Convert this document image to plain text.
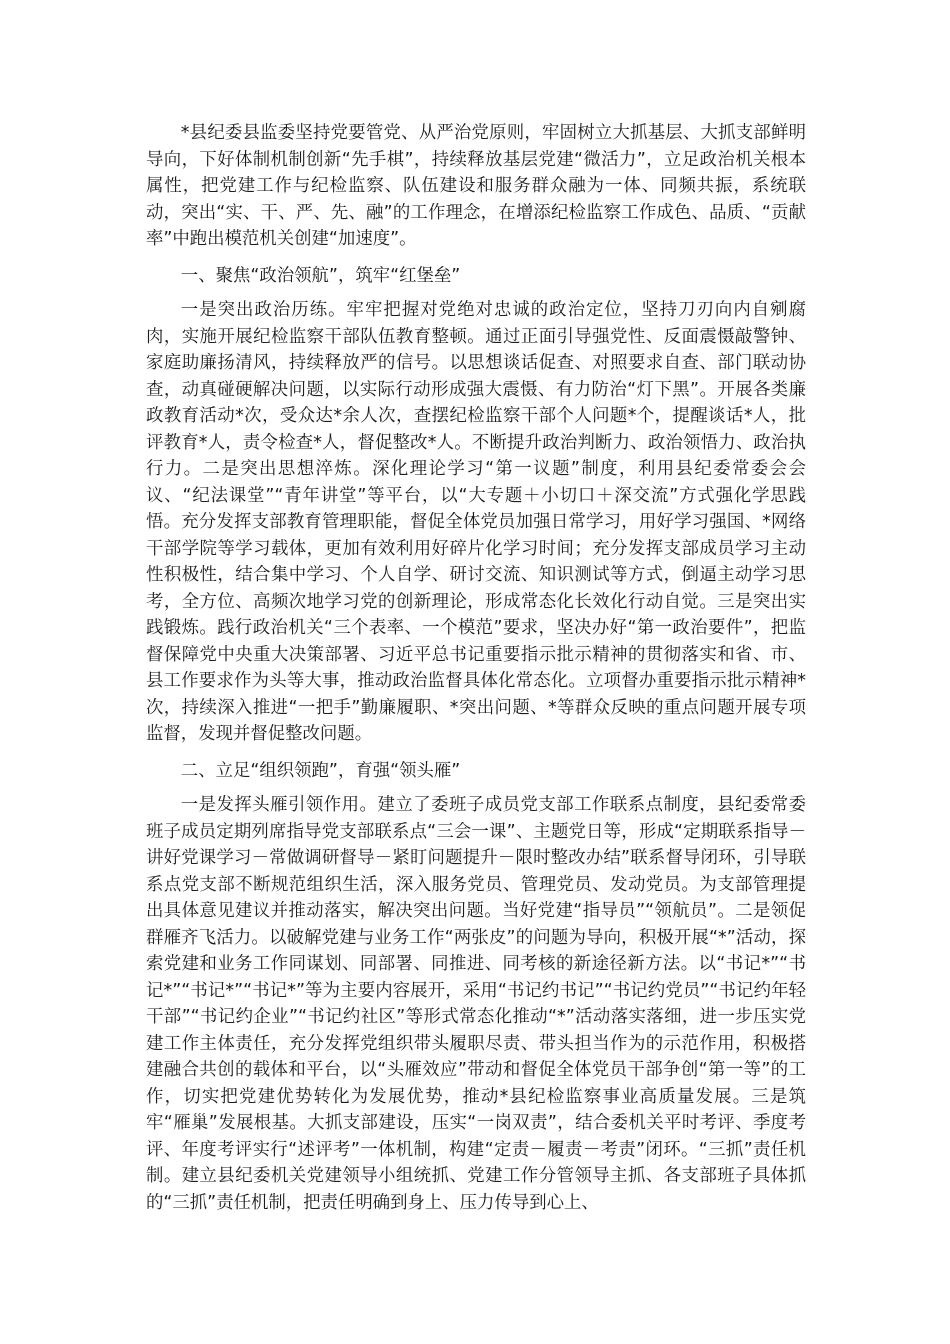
*县纪委县监委坚持党要管党、从严治党原则，牢固树立大抓基层、大抓支部鲜明导向，下好体制机制创新“先手棋”，持续释放基层党建“微活力”，立足政治机关根本属性，把党建工作与纪检监察、队伍建设和服务群众融为一体、同频共振，系统联动，突出“实、干、严、先、融”的工作理念，在增添纪检监察工作成色、品质、“贡献率”中跑出模范机关创建“加速度”。

一、聚焦“政治领航”，筑牢“红堡垒”

一是突出政治历练。牢牢把握对党绝对忠诚的政治定位，坚持刀刃向内自剜腐肉，实施开展纪检监察干部队伍教育整顿。通过正面引导强党性、反面震慑敲警钟、家庭助廉扬清风，持续释放严的信号。以思想谈话促查、对照要求自查、部门联动协查，动真碰硬解决问题，以实际行动形成强大震慑、有力防治“灯下黑”。开展各类廉政教育活动*次，受众达*余人次，查摆纪检监察干部个人问题*个，提醒谈话*人，批评教育*人，责令检查*人，督促整改*人。不断提升政治判断力、政治领悟力、政治执行力。二是突出思想淬炼。深化理论学习“第一议题”制度，利用县纪委常委会会议、“纪法课堂”“青年讲堂”等平台，以“大专题＋小切口＋深交流”方式强化学思践悟。充分发挥支部教育管理职能，督促全体党员加强日常学习，用好学习强国、*网络干部学院等学习载体，更加有效利用好碎片化学习时间；充分发挥支部成员学习主动性积极性，结合集中学习、个人自学、研讨交流、知识测试等方式，倒逼主动学习思考，全方位、高频次地学习党的创新理论，形成常态化长效化行动自觉。三是突出实践锻炼。践行政治机关“三个表率、一个模范”要求，坚决办好“第一政治要件”，把监督保障党中央重大决策部署、习近平总书记重要指示批示精神的贯彻落实和省、市、县工作要求作为头等大事，推动政治监督具体化常态化。立项督办重要指示批示精神*次，持续深入推进“一把手”勤廉履职、*突出问题、*等群众反映的重点问题开展专项监督，发现并督促整改问题。

二、立足“组织领跑”，育强“领头雁”

一是发挥头雁引领作用。建立了委班子成员党支部工作联系点制度，县纪委常委班子成员定期列席指导党支部联系点“三会一课”、主题党日等，形成“定期联系指导－讲好党课学习－常做调研督导－紧盯问题提升－限时整改办结”联系督导闭环，引导联系点党支部不断规范组织生活，深入服务党员、管理党员、发动党员。为支部管理提出具体意见建议并推动落实，解决突出问题。当好党建“指导员”“领航员”。二是领促群雁齐飞活力。以破解党建与业务工作“两张皮”的问题为导向，积极开展“*”活动，探索党建和业务工作同谋划、同部署、同推进、同考核的新途径新方法。以“书记*”“书记*”“书记*”“书记*”等为主要内容展开，采用“书记约书记”“书记约党员”“书记约年轻干部”“书记约企业”“书记约社区”等形式常态化推动“*”活动落实落细，进一步压实党建工作主体责任，充分发挥党组织带头履职尽责、带头担当作为的示范作用，积极搭建融合共创的载体和平台，以“头雁效应”带动和督促全体党员干部争创“第一等”的工作，切实把党建优势转化为发展优势，推动*县纪检监察事业高质量发展。三是筑牢“雁巢”发展根基。大抓支部建设，压实“一岗双责”，结合委机关平时考评、季度考评、年度考评实行“述评考”一体机制，构建“定责－履责－考责”闭环。“三抓”责任机制。建立县纪委机关党建领导小组统抓、党建工作分管领导主抓、各支部班子具体抓的“三抓”责任机制，把责任明确到身上、压力传导到心上、
